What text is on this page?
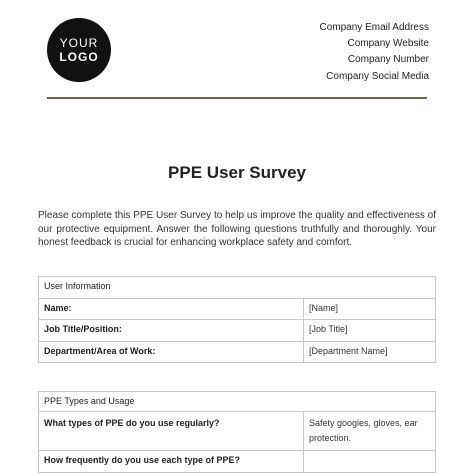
YOUR
LOGO
Company Email Address
Company Website
Company Number
Company Social Media
PPE User Survey

Please complete this PPE User Survey to help us improve the quality and effectiveness of our protective equipment. Answer the following questions truthfully and thoroughly. Your honest feedback is crucial for enhancing workplace safety and comfort.

User Information	
Name:	[Name]
Job Title/Position:	[Job Title]
Department/Area of Work:	[Department Name]
PPE Types and Usage	
What types of PPE do you use regularly?	Safety googles, gloves, ear protection.
How frequently do you use each type of PPE?	
